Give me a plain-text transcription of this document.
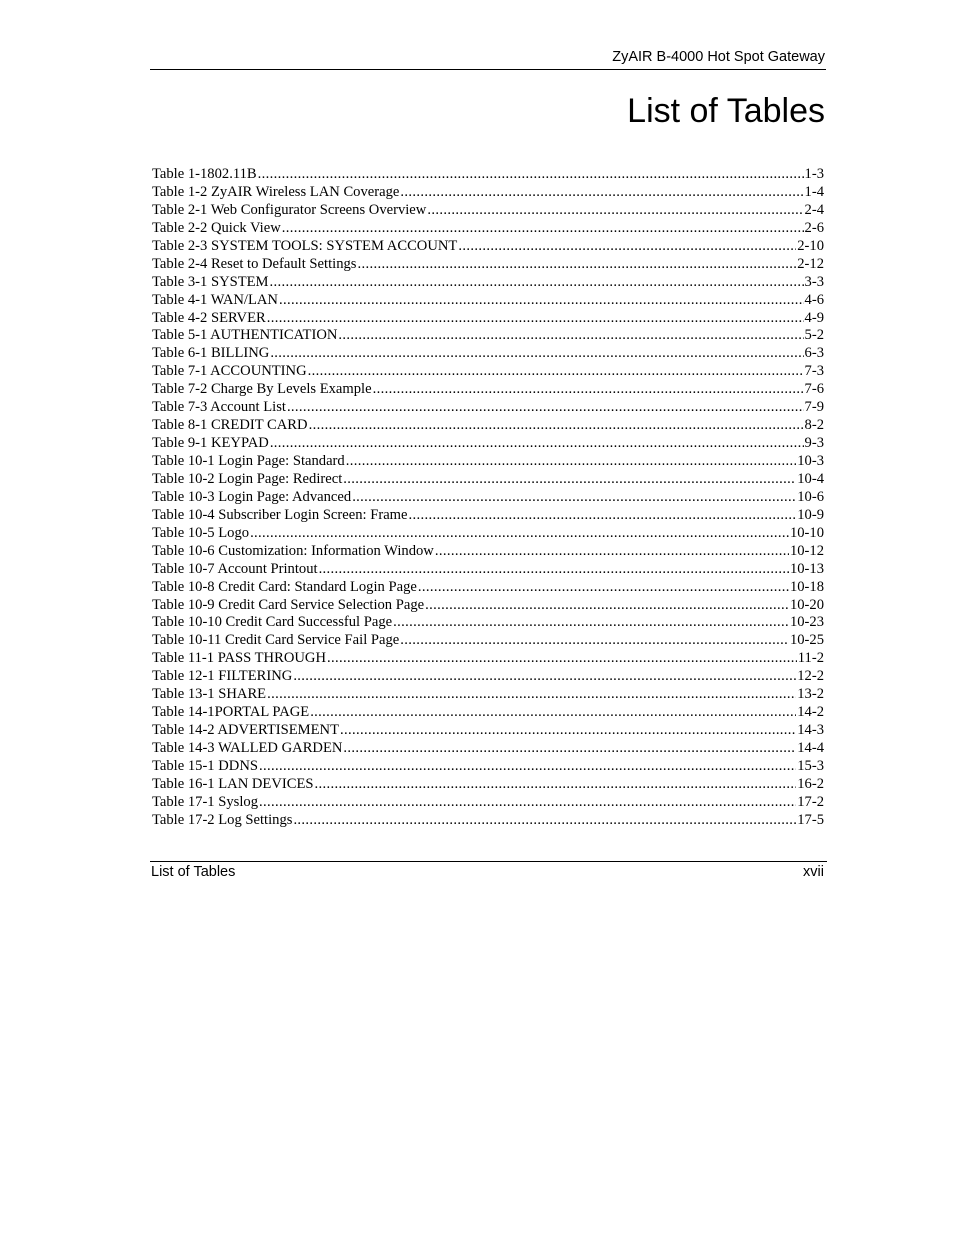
ZyAIR B-4000 Hot Spot Gateway
List of Tables
Table 1-1802.11B .....	1-3
Table 1-2 ZyAIR Wireless LAN Coverage .....	1-4
Table 2-1 Web Configurator Screens Overview .....	2-4
Table 2-2 Quick View .....	2-6
Table 2-3 SYSTEM TOOLS: SYSTEM ACCOUNT .....	2-10
Table 2-4 Reset to Default Settings .....	2-12
Table 3-1 SYSTEM .....	3-3
Table 4-1 WAN/LAN .....	4-6
Table 4-2 SERVER .....	4-9
Table 5-1 AUTHENTICATION .....	5-2
Table 6-1 BILLING .....	6-3
Table 7-1 ACCOUNTING .....	7-3
Table 7-2 Charge By Levels Example .....	7-6
Table 7-3 Account List .....	7-9
Table 8-1 CREDIT CARD .....	8-2
Table 9-1 KEYPAD .....	9-3
Table 10-1 Login Page: Standard .....	10-3
Table 10-2 Login Page: Redirect .....	10-4
Table 10-3 Login Page: Advanced .....	10-6
Table 10-4 Subscriber Login Screen: Frame .....	10-9
Table 10-5 Logo .....	10-10
Table 10-6 Customization: Information Window .....	10-12
Table 10-7 Account Printout .....	10-13
Table 10-8 Credit Card: Standard Login Page .....	10-18
Table 10-9 Credit Card Service Selection Page .....	10-20
Table 10-10 Credit Card Successful Page .....	10-23
Table 10-11 Credit Card Service Fail Page .....	10-25
Table 11-1 PASS THROUGH .....	11-2
Table 12-1 FILTERING .....	12-2
Table 13-1 SHARE .....	13-2
Table 14-1PORTAL PAGE .....	14-2
Table 14-2 ADVERTISEMENT .....	14-3
Table 14-3 WALLED GARDEN .....	14-4
Table 15-1 DDNS .....	15-3
Table 16-1 LAN DEVICES .....	16-2
Table 17-1 Syslog .....	17-2
Table 17-2 Log Settings .....	17-5
List of Tables	xvii
